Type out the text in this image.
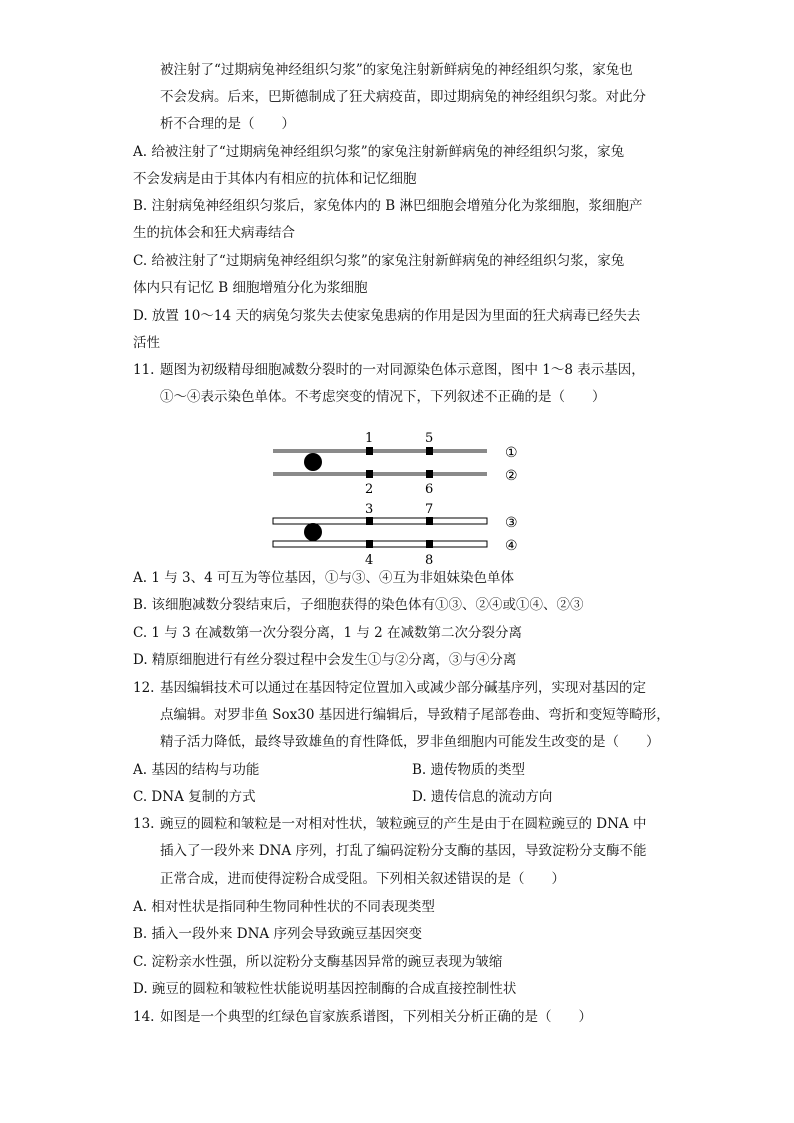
被注射了“过期病兔神经组织匀浆”的家兔注射新鲜病兔的神经组织匀浆，家兔也
不会发病。后来，巴斯德制成了狂犬病疫苗，即过期病兔的神经组织匀浆。对此分
析不合理的是（　　）
A. 给被注射了“过期病兔神经组织匀浆”的家兔注射新鲜病兔的神经组织匀浆，家兔
不会发病是由于其体内有相应的抗体和记忆细胞
B. 注射病兔神经组织匀浆后，家兔体内的 B 淋巴细胞会增殖分化为浆细胞，浆细胞产
生的抗体会和狂犬病毒结合
C. 给被注射了“过期病兔神经组织匀浆”的家兔注射新鲜病兔的神经组织匀浆，家兔
体内只有记忆 B 细胞增殖分化为浆细胞
D. 放置 10～14 天的病兔匀浆失去使家兔患病的作用是因为里面的狂犬病毒已经失去
活性
11. 题图为初级精母细胞减数分裂时的一对同源染色体示意图，图中 1～8 表示基因，
①～④表示染色单体。不考虑突变的情况下，下列叙述不正确的是（　　）
1	5
2	6
3	7
4	8
①
②
③
④
A. 1 与 3、4 可互为等位基因，①与③、④互为非姐妹染色单体
B. 该细胞减数分裂结束后，子细胞获得的染色体有①③、②④或①④、②③
C. 1 与 3 在减数第一次分裂分离，1 与 2 在减数第二次分裂分离
D. 精原细胞进行有丝分裂过程中会发生①与②分离，③与④分离
12. 基因编辑技术可以通过在基因特定位置加入或减少部分碱基序列，实现对基因的定
点编辑。对罗非鱼 Sox30 基因进行编辑后，导致精子尾部卷曲、弯折和变短等畸形，
精子活力降低，最终导致雄鱼的育性降低，罗非鱼细胞内可能发生改变的是（　　）
A. 基因的结构与功能	B. 遗传物质的类型
C. DNA 复制的方式	D. 遗传信息的流动方向
13. 豌豆的圆粒和皱粒是一对相对性状，皱粒豌豆的产生是由于在圆粒豌豆的 DNA 中
插入了一段外来 DNA 序列，打乱了编码淀粉分支酶的基因，导致淀粉分支酶不能
正常合成，进而使得淀粉合成受阻。下列相关叙述错误的是（　　）
A. 相对性状是指同种生物同种性状的不同表现类型
B. 插入一段外来 DNA 序列会导致豌豆基因突变
C. 淀粉亲水性强，所以淀粉分支酶基因异常的豌豆表现为皱缩
D. 豌豆的圆粒和皱粒性状能说明基因控制酶的合成直接控制性状
14. 如图是一个典型的红绿色盲家族系谱图，下列相关分析正确的是（　　）
